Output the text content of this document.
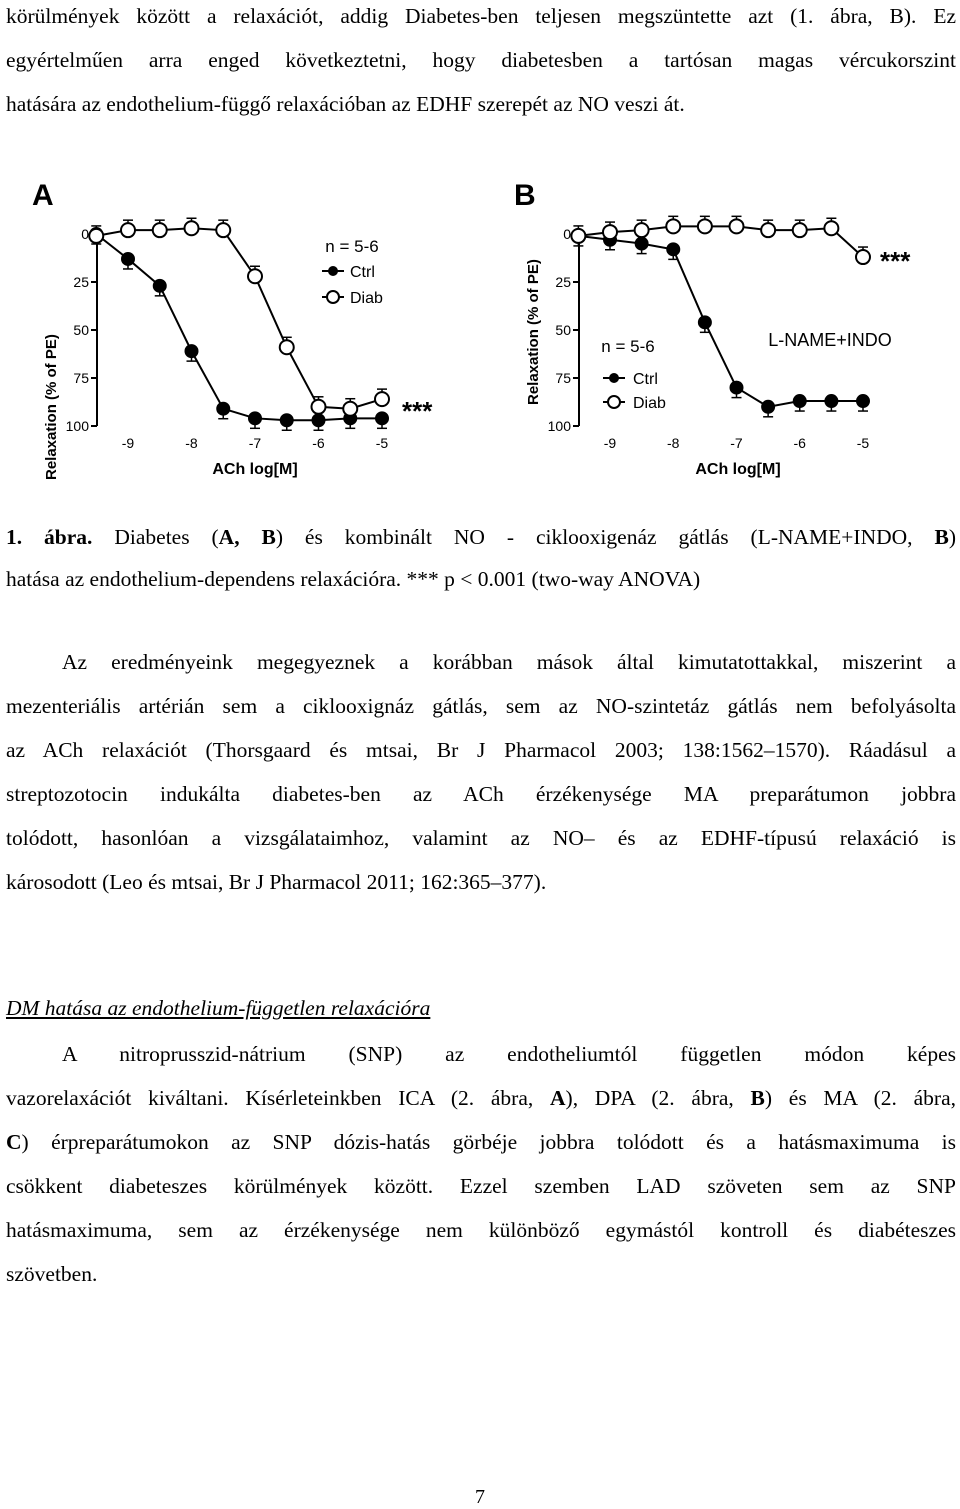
körülmények között a relaxációt, addig Diabetes-ben teljesen megszüntette azt (1. ábra, B). Ez
egyértelműen arra enged következtetni, hogy diabetesben a tartósan magas vércukorszint
hatására az endothelium-függő relaxációban az EDHF szerepét az NO veszi át.
A
Relaxation (% of PE)	ACh log[M]
n = 5-6
Ctrl
Diab
***
0
25
50
75
100
-9	-8	-7	-6	-5
B
Relaxation (% of PE)
ACh log[M]
n = 5-6	L-NAME+INDO
Ctrl
Diab
***
0
25
50
75
100
-9	-8	-7	-6	-5
1. ábra. Diabetes (A, B) és kombinált NO - ciklooxigenáz gátlás (L-NAME+INDO, B)
hatása az endothelium-dependens relaxációra. *** p < 0.001 (two-way ANOVA)
Az eredményeink megegyeznek a korábban mások által kimutatottakkal, miszerint a
mezenteriális artérián sem a ciklooxignáz gátlás, sem az NO-szintetáz gátlás nem befolyásolta
az ACh relaxációt (Thorsgaard és mtsai, Br J Pharmacol 2003; 138:1562–1570). Ráadásul a
streptozotocin indukálta diabetes-ben az ACh érzékenysége MA preparátumon jobbra
tolódott, hasonlóan a vizsgálataimhoz, valamint az NO– és az EDHF-típusú relaxáció is
károsodott (Leo és mtsai, Br J Pharmacol 2011; 162:365–377).
DM hatása az endothelium-független relaxációra
A nitroprusszid-nátrium (SNP) az endotheliumtól független módon képes
vazorelaxációt kiváltani. Kísérleteinkben ICA (2. ábra, A), DPA (2. ábra, B) és MA (2. ábra,
C) érpreparátumokon az SNP dózis-hatás görbéje jobbra tolódott és a hatásmaximuma is
csökkent diabeteszes körülmények között. Ezzel szemben LAD szöveten sem az SNP
hatásmaximuma, sem az érzékenysége nem különböző egymástól kontroll és diabéteszes
szövetben.
7
